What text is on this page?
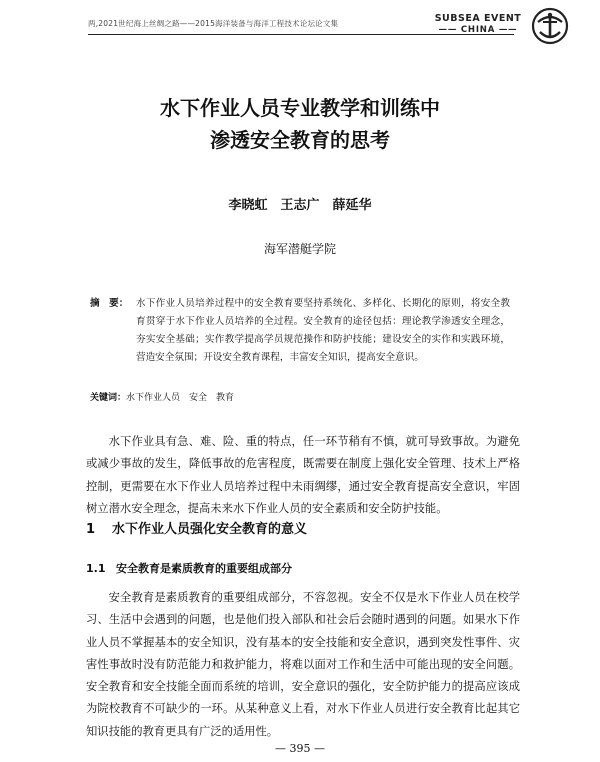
两,2021世纪海上丝绸之路——2015海洋装备与海洋工程技术论坛论文集	SUBSEA EVENT
—— CHINA ——
水下作业人员专业教学和训练中
渗透安全教育的思考
李晓虹　王志广　薛延华
海军潜艇学院
摘　要： 水下作业人员培养过程中的安全教育要坚持系统化、多样化、长期化的原则，将安全教育贯穿于水下作业人员培养的全过程。安全教育的途径包括：理论教学渗透安全理念，夯实安全基础；实作教学提高学员规范操作和防护技能；建设安全的实作和实践环境，营造安全氛围；开设安全教育课程，丰富安全知识，提高安全意识。
关键词：水下作业人员　安全　教育
水下作业具有急、难、险、重的特点，任一环节稍有不慎，就可导致事故。为避免或减少事故的发生，降低事故的危害程度，既需要在制度上强化安全管理、技术上严格控制，更需要在水下作业人员培养过程中未雨绸缪，通过安全教育提高安全意识，牢固树立潜水安全理念，提高未来水下作业人员的安全素质和安全防护技能。
1 水下作业人员强化安全教育的意义
1.1 安全教育是素质教育的重要组成部分
安全教育是素质教育的重要组成部分，不容忽视。安全不仅是水下作业人员在校学习、生活中会遇到的问题，也是他们投入部队和社会后会随时遇到的问题。如果水下作业人员不掌握基本的安全知识，没有基本的安全技能和安全意识，遇到突发性事件、灾害性事故时没有防范能力和救护能力，将难以面对工作和生活中可能出现的安全问题。安全教育和安全技能全面而系统的培训，安全意识的强化，安全防护能力的提高应该成为院校教育不可缺少的一环。从某种意义上看，对水下作业人员进行安全教育比起其它知识技能的教育更具有广泛的适用性。
— 395 —
